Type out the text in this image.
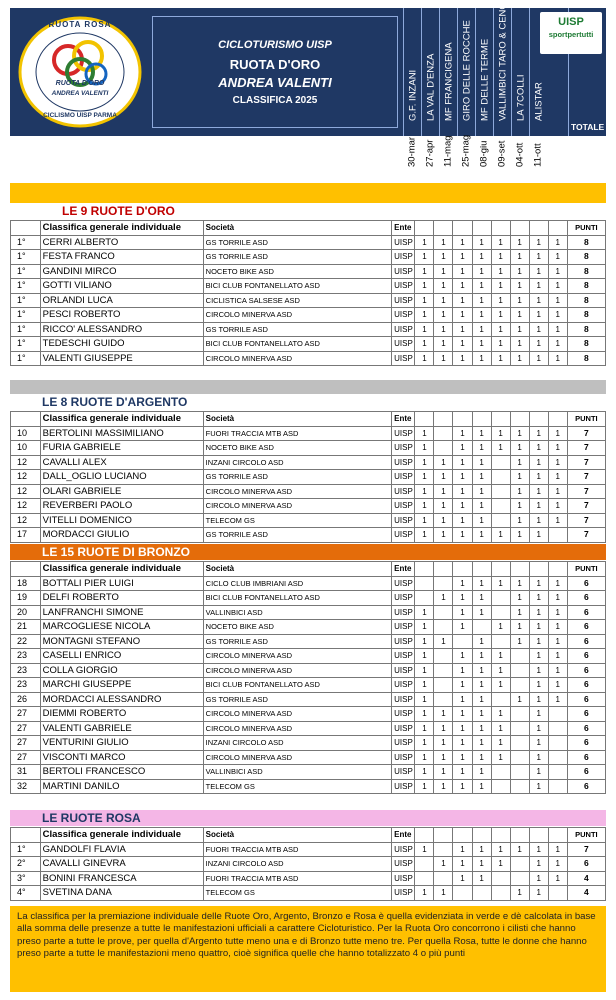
RUOTA ROSA
RUOTA D'ORO
ANDREA VALENTI
CICLISMO UISP PARMA
CICLOTURISMO UISP
RUOTA D'ORO
ANDREA VALENTI
CLASSIFICA 2025	G.F. INZANI
30-mar
LA VAL D'ENZA
27-apr
MF FRANCIGENA
11-mag
GIRO DELLE ROCCHE
25-mag
MF DELLE TERME
08-giu
VALLIMBICI TARO & CENO
09-set
LA 7COLLI
04-ott
ALISTAR
11-ott
TOTALE
UISP
sportpertutti
LE 9 RUOTE D'ORO
	Classifica generale individuale	Società	Ente									PUNTI
1°	CERRI ALBERTO	GS TORRILE ASD	UISP	1	1	1	1	1	1	1	1	8
1°	FESTA FRANCO	GS TORRILE ASD	UISP	1	1	1	1	1	1	1	1	8
1°	GANDINI MIRCO	NOCETO BIKE ASD	UISP	1	1	1	1	1	1	1	1	8
1°	GOTTI VILIANO	BICI CLUB FONTANELLATO ASD	UISP	1	1	1	1	1	1	1	1	8
1°	ORLANDI LUCA	CICLISTICA SALSESE ASD	UISP	1	1	1	1	1	1	1	1	8
1°	PESCI ROBERTO	CIRCOLO MINERVA ASD	UISP	1	1	1	1	1	1	1	1	8
1°	RICCO' ALESSANDRO	GS TORRILE ASD	UISP	1	1	1	1	1	1	1	1	8
1°	TEDESCHI GUIDO	BICI CLUB FONTANELLATO ASD	UISP	1	1	1	1	1	1	1	1	8
1°	VALENTI GIUSEPPE	CIRCOLO MINERVA ASD	UISP	1	1	1	1	1	1	1	1	8
LE 8 RUOTE D'ARGENTO
	Classifica generale individuale	Società	Ente									PUNTI
10	BERTOLINI MASSIMILIANO	FUORI TRACCIA MTB ASD	UISP	1		1	1	1	1	1	1	7
10	FURIA GABRIELE	NOCETO BIKE ASD	UISP	1		1	1	1	1	1	1	7
12	CAVALLI ALEX	INZANI CIRCOLO ASD	UISP	1	1	1	1		1	1	1	7
12	DALL_OGLIO LUCIANO	GS TORRILE ASD	UISP	1	1	1	1		1	1	1	7
12	OLARI GABRIELE	CIRCOLO MINERVA ASD	UISP	1	1	1	1		1	1	1	7
12	REVERBERI PAOLO	CIRCOLO MINERVA ASD	UISP	1	1	1	1		1	1	1	7
12	VITELLI DOMENICO	TELECOM GS	UISP	1	1	1	1		1	1	1	7
17	MORDACCI GIULIO	GS TORRILE ASD	UISP	1	1	1	1	1	1	1		7
LE 15 RUOTE DI BRONZO
	Classifica generale individuale	Società	Ente									PUNTI
18	BOTTALI PIER LUIGI	CICLO CLUB IMBRIANI ASD	UISP			1	1	1	1	1	1	6
19	DELFI ROBERTO	BICI CLUB FONTANELLATO ASD	UISP		1	1	1		1	1	1	6
20	LANFRANCHI SIMONE	VALLINBICI ASD	UISP	1		1	1		1	1	1	6
21	MARCOGLIESE NICOLA	NOCETO BIKE ASD	UISP	1		1		1	1	1	1	6
22	MONTAGNI STEFANO	GS TORRILE ASD	UISP	1	1		1		1	1	1	6
23	CASELLI ENRICO	CIRCOLO MINERVA ASD	UISP	1		1	1	1		1	1	6
23	COLLA GIORGIO	CIRCOLO MINERVA ASD	UISP	1		1	1	1		1	1	6
23	MARCHI GIUSEPPE	BICI CLUB FONTANELLATO ASD	UISP	1		1	1	1		1	1	6
26	MORDACCI ALESSANDRO	GS TORRILE ASD	UISP	1		1	1		1	1	1	6
27	DIEMMI ROBERTO	CIRCOLO MINERVA ASD	UISP	1	1	1	1	1		1		6
27	VALENTI GABRIELE	CIRCOLO MINERVA ASD	UISP	1	1	1	1	1		1		6
27	VENTURINI GIULIO	INZANI CIRCOLO ASD	UISP	1	1	1	1	1		1		6
27	VISCONTI MARCO	CIRCOLO MINERVA ASD	UISP	1	1	1	1	1		1		6
31	BERTOLI FRANCESCO	VALLINBICI ASD	UISP	1	1	1	1			1		6
32	MARTINI DANILO	TELECOM GS	UISP	1	1	1	1			1		6
LE RUOTE ROSA
	Classifica generale individuale	Società	Ente									PUNTI
1°	GANDOLFI FLAVIA	FUORI TRACCIA MTB ASD	UISP	1		1	1	1	1	1	1	7
2°	CAVALLI GINEVRA	INZANI CIRCOLO ASD	UISP		1	1	1	1		1	1	6
3°	BONINI FRANCESCA	FUORI TRACCIA MTB ASD	UISP			1	1			1	1	4
4°	SVETINA DANA	TELECOM GS	UISP	1	1				1	1		4
La classifica per la premiazione individuale delle Ruote Oro, Argento, Bronzo e Rosa è quella evidenziata in verde e dè calcolata in base alla somma delle presenze a tutte le manifestazioni ufficiali a carattere Cicloturistico. Per la Ruota Oro concorrono i cilisti che hanno preso parte a tutte le prove, per quella d'Argento tutte meno una e di Bronzo tutte meno tre. Per quella Rosa, tutte le donne che hanno preso parte a tutte le manifestazioni meno quattro, cioè significa quelle che hanno totalizzato 4 o più punti
